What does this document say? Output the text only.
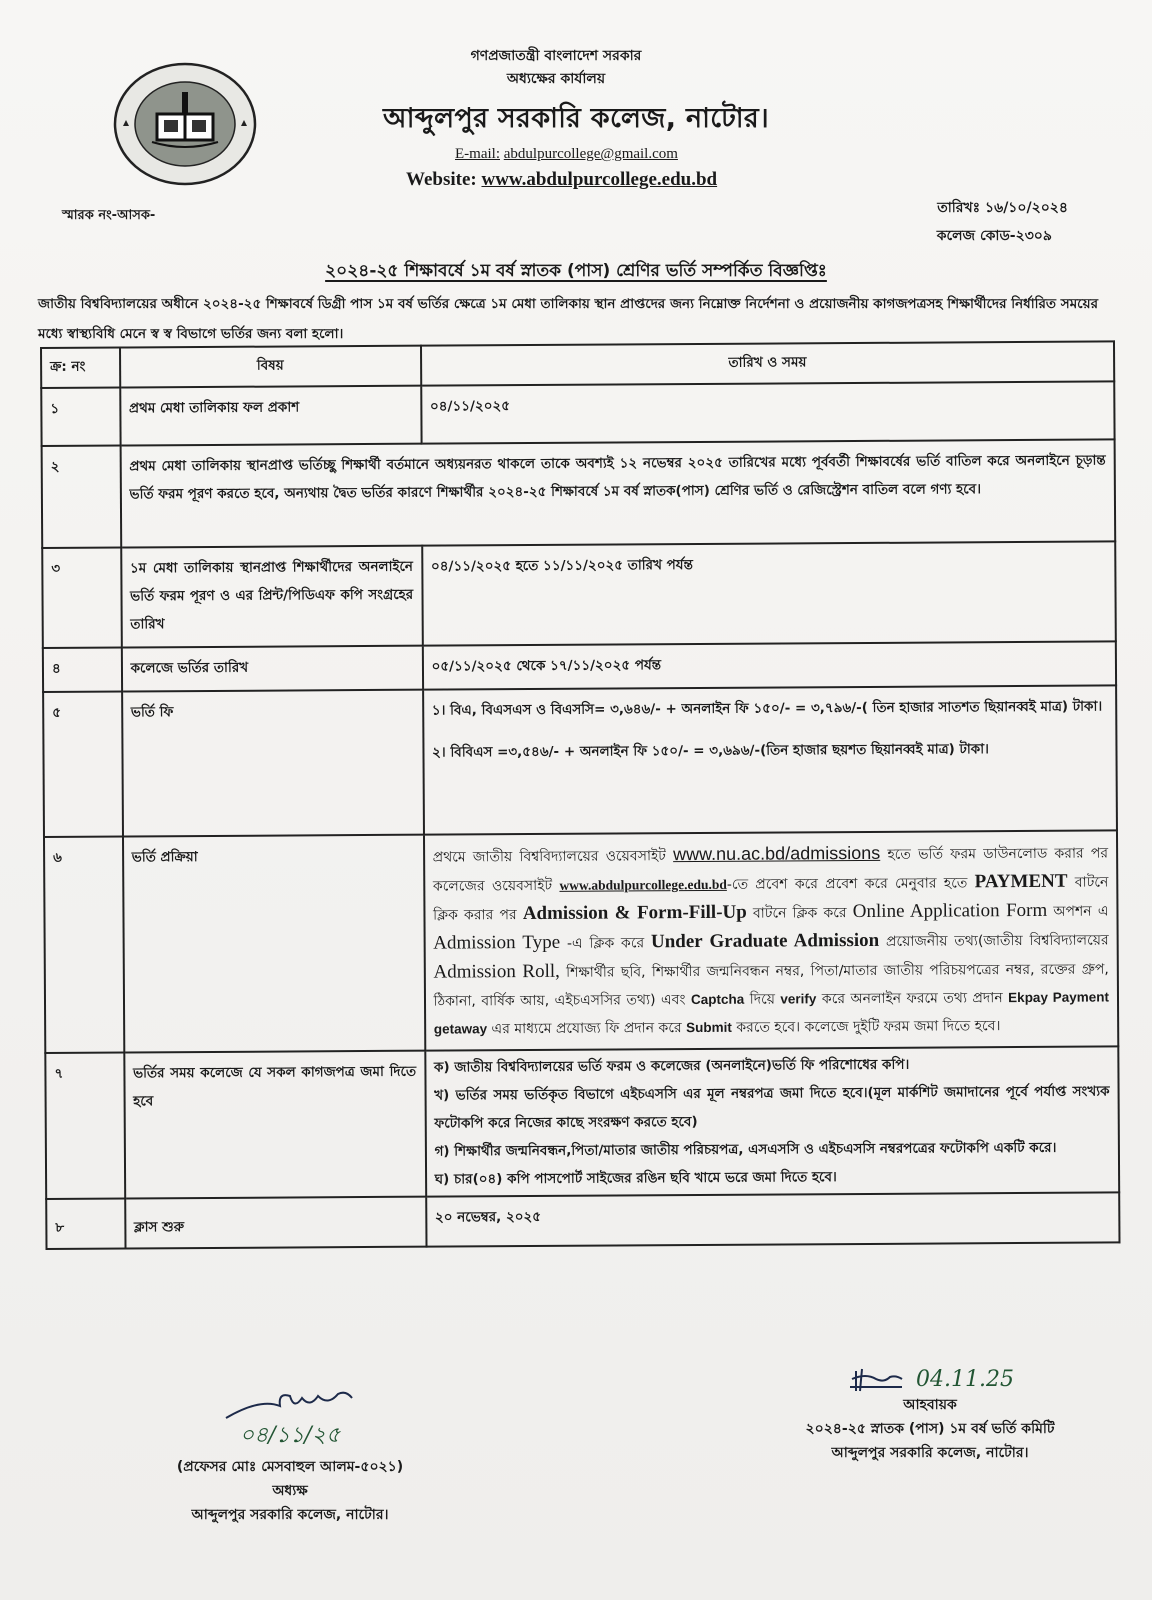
গণপ্রজাতন্ত্রী বাংলাদেশ সরকার
অধ্যক্ষের কার্যালয়
আব্দুলপুর সরকারি কলেজ, নাটোর।
E-mail: abdulpurcollege@gmail.com
Website: www.abdulpurcollege.edu.bd
স্মারক নং-আসক-	তারিখঃ ১৬/১০/২০২৪
কলেজ কোড-২৩০৯
২০২৪-২৫ শিক্ষাবর্ষে ১ম বর্ষ স্নাতক (পাস) শ্রেণির ভর্তি সম্পর্কিত বিজ্ঞপ্তিঃ
জাতীয় বিশ্ববিদ্যালয়ের অধীনে ২০২৪-২৫ শিক্ষাবর্ষে ডিগ্রী পাস ১ম বর্ষ ভর্তির ক্ষেত্রে ১ম মেধা তালিকায় স্থান প্রাপ্তদের জন্য নিম্নোক্ত নির্দেশনা ও প্রয়োজনীয় কাগজপত্রসহ শিক্ষার্থীদের নির্ধারিত সময়ের মধ্যে স্বাস্থ্যবিধি মেনে স্ব স্ব বিভাগে ভর্তির জন্য বলা হলো।
ক্র: নং	বিষয়	তারিখ ও সময়
১	প্রথম মেধা তালিকায় ফল প্রকাশ	০৪/১১/২০২৫
২	প্রথম মেধা তালিকায় স্থানপ্রাপ্ত ভর্তিচ্ছু শিক্ষার্থী বর্তমানে অধ্যয়নরত থাকলে তাকে অবশ্যই ১২ নভেম্বর ২০২৫ তারিখের মধ্যে পূর্ববর্তী শিক্ষাবর্ষের ভর্তি বাতিল করে অনলাইনে চূড়ান্ত ভর্তি ফরম পূরণ করতে হবে, অন্যথায় দ্বৈত ভর্তির কারণে শিক্ষার্থীর ২০২৪-২৫ শিক্ষাবর্ষে ১ম বর্ষ স্নাতক(পাস) শ্রেণির ভর্তি ও রেজিস্ট্রেশন বাতিল বলে গণ্য হবে।	
৩	১ম মেধা তালিকায় স্থানপ্রাপ্ত শিক্ষার্থীদের অনলাইনে ভর্তি ফরম পূরণ ও এর প্রিন্ট/পিডিএফ কপি সংগ্রহের তারিখ	০৪/১১/২০২৫ হতে ১১/১১/২০২৫ তারিখ পর্যন্ত
৪	কলেজে ভর্তির তারিখ	০৫/১১/২০২৫ থেকে ১৭/১১/২০২৫ পর্যন্ত
৫	ভর্তি ফি	১। বিএ, বিএসএস ও বিএসসি= ৩,৬৪৬/- + অনলাইন ফি ১৫০/- = ৩,৭৯৬/-( তিন হাজার সাতশত ছিয়ানব্বই মাত্র) টাকা।
২। বিবিএস =৩,৫৪৬/- + অনলাইন ফি ১৫০/- = ৩,৬৯৬/-(তিন হাজার ছয়শত ছিয়ানব্বই মাত্র) টাকা।

৬	ভর্তি প্রক্রিয়া	প্রথমে জাতীয় বিশ্ববিদ্যালয়ের ওয়েবসাইট www.nu.ac.bd/admissions হতে ভর্তি ফরম ডাউনলোড করার পর কলেজের ওয়েবসাইট www.abdulpurcollege.edu.bd-তে প্রবেশ করে প্রবেশ করে মেনুবার হতে PAYMENT বাটনে ক্লিক করার পর Admission & Form-Fill-Up বাটনে ক্লিক করে Online Application Form অপশন এ Admission Type -এ ক্লিক করে Under Graduate Admission প্রয়োজনীয় তথ্য(জাতীয় বিশ্ববিদ্যালয়ের Admission Roll, শিক্ষার্থীর ছবি, শিক্ষার্থীর জন্মনিবন্ধন নম্বর, পিতা/মাতার জাতীয় পরিচয়পত্রের নম্বর, রক্তের গ্রুপ, ঠিকানা, বার্ষিক আয়, এইচএসসির তথ্য) এবং Captcha দিয়ে verify করে অনলাইন ফরমে তথ্য প্রদান Ekpay Payment getaway এর মাধ্যমে প্রযোজ্য ফি প্রদান করে Submit করতে হবে। কলেজে দুইটি ফরম জমা দিতে হবে।
৭	ভর্তির সময় কলেজে যে সকল কাগজপত্র জমা দিতে হবে	ক) জাতীয় বিশ্ববিদ্যালয়ের ভর্তি ফরম ও কলেজের (অনলাইনে)ভর্তি ফি পরিশোধের কপি।
খ) ভর্তির সময় ভর্তিকৃত বিভাগে এইচএসসি এর মূল নম্বরপত্র জমা দিতে হবে।(মূল মার্কশিট জমাদানের পূর্বে পর্যাপ্ত সংখ্যক ফটোকপি করে নিজের কাছে সংরক্ষণ করতে হবে)
গ) শিক্ষার্থীর জন্মনিবন্ধন,পিতা/মাতার জাতীয় পরিচয়পত্র, এসএসসি ও এইচএসসি নম্বরপত্রের ফটোকপি একটি করে।
ঘ) চার(০৪) কপি পাসপোর্ট সাইজের রঙিন ছবি খামে ভরে জমা দিতে হবে।

৮	ক্লাস শুরু	২০ নভেম্বর, ২০২৫
০৪/১১/২৫
(প্রফেসর মোঃ মেসবাহুল আলম-৫০২১)
অধ্যক্ষ
আব্দুলপুর সরকারি কলেজ, নাটোর।
04.11.25
আহবায়ক
২০২৪-২৫ স্নাতক (পাস) ১ম বর্ষ ভর্তি কমিটি
আব্দুলপুর সরকারি কলেজ, নাটোর।
